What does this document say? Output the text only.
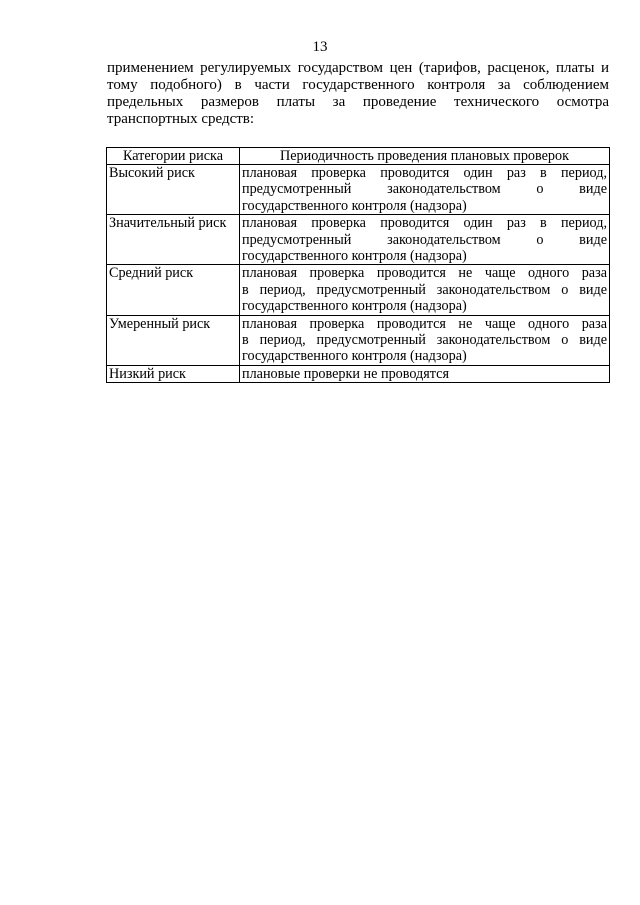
13

применением регулируемых государством цен (тарифов, расценок, платы и тому подобного) в части государственного контроля за соблюдением предельных размеров платы за проведение технического осмотра транспортных средств:

Категории риска	Периодичность проведения плановых проверок
Высокий риск	плановая проверка проводится один раз в период,
предусмотренный законодательством о виде
государственного контроля (надзора)

Значительный риск	плановая проверка проводится один раз в период,
предусмотренный законодательством о виде
государственного контроля (надзора)

Средний риск	плановая проверка проводится не чаще одного раза
в период, предусмотренный законодательством о виде
государственного контроля (надзора)

Умеренный риск	плановая проверка проводится не чаще одного раза
в период, предусмотренный законодательством о виде
государственного контроля (надзора)

Низкий риск	плановые проверки не проводятся
